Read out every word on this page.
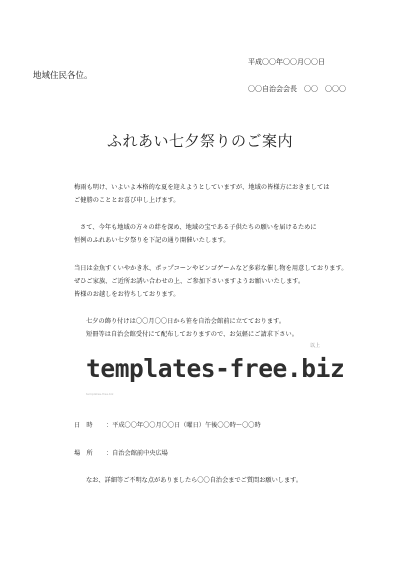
平成〇〇年〇〇月〇〇日
地域住民各位。
〇〇自治会会長　〇〇　〇〇〇
ふれあい七夕祭りのご案内
梅雨も明け、いよいよ本格的な夏を迎えようとしていますが、地域の皆様方におきましては
ご健勝のこととお喜び申し上げます。
さて、今年も地域の方々の絆を深め、地域の宝である子供たちの願いを届けるために
恒例のふれあい七夕祭りを下記の通り開催いたします。
当日は金魚すくいやかき氷、ポップコーンやビンゴゲームなど多彩な催し物を用意しております。
ぜひご家族、ご近所お誘い合わせの上、ご参加下さいますようお願いいたします。
皆様のお越しをお待ちしております。
七夕の飾り付けは〇〇月〇〇日から笹を自治会館前に立てております。
短冊等は自治会館受付にて配布しておりますので、お気軽にご請求下さい。
以上
templates-free.biz
templates-free.biz
日　時 ：平成〇〇年〇〇月〇〇日（曜日）午後〇〇時～〇〇時
場　所 ：自治会館前中央広場
なお、詳細等ご不明な点がありましたら〇〇自治会までご質問お願いします。
